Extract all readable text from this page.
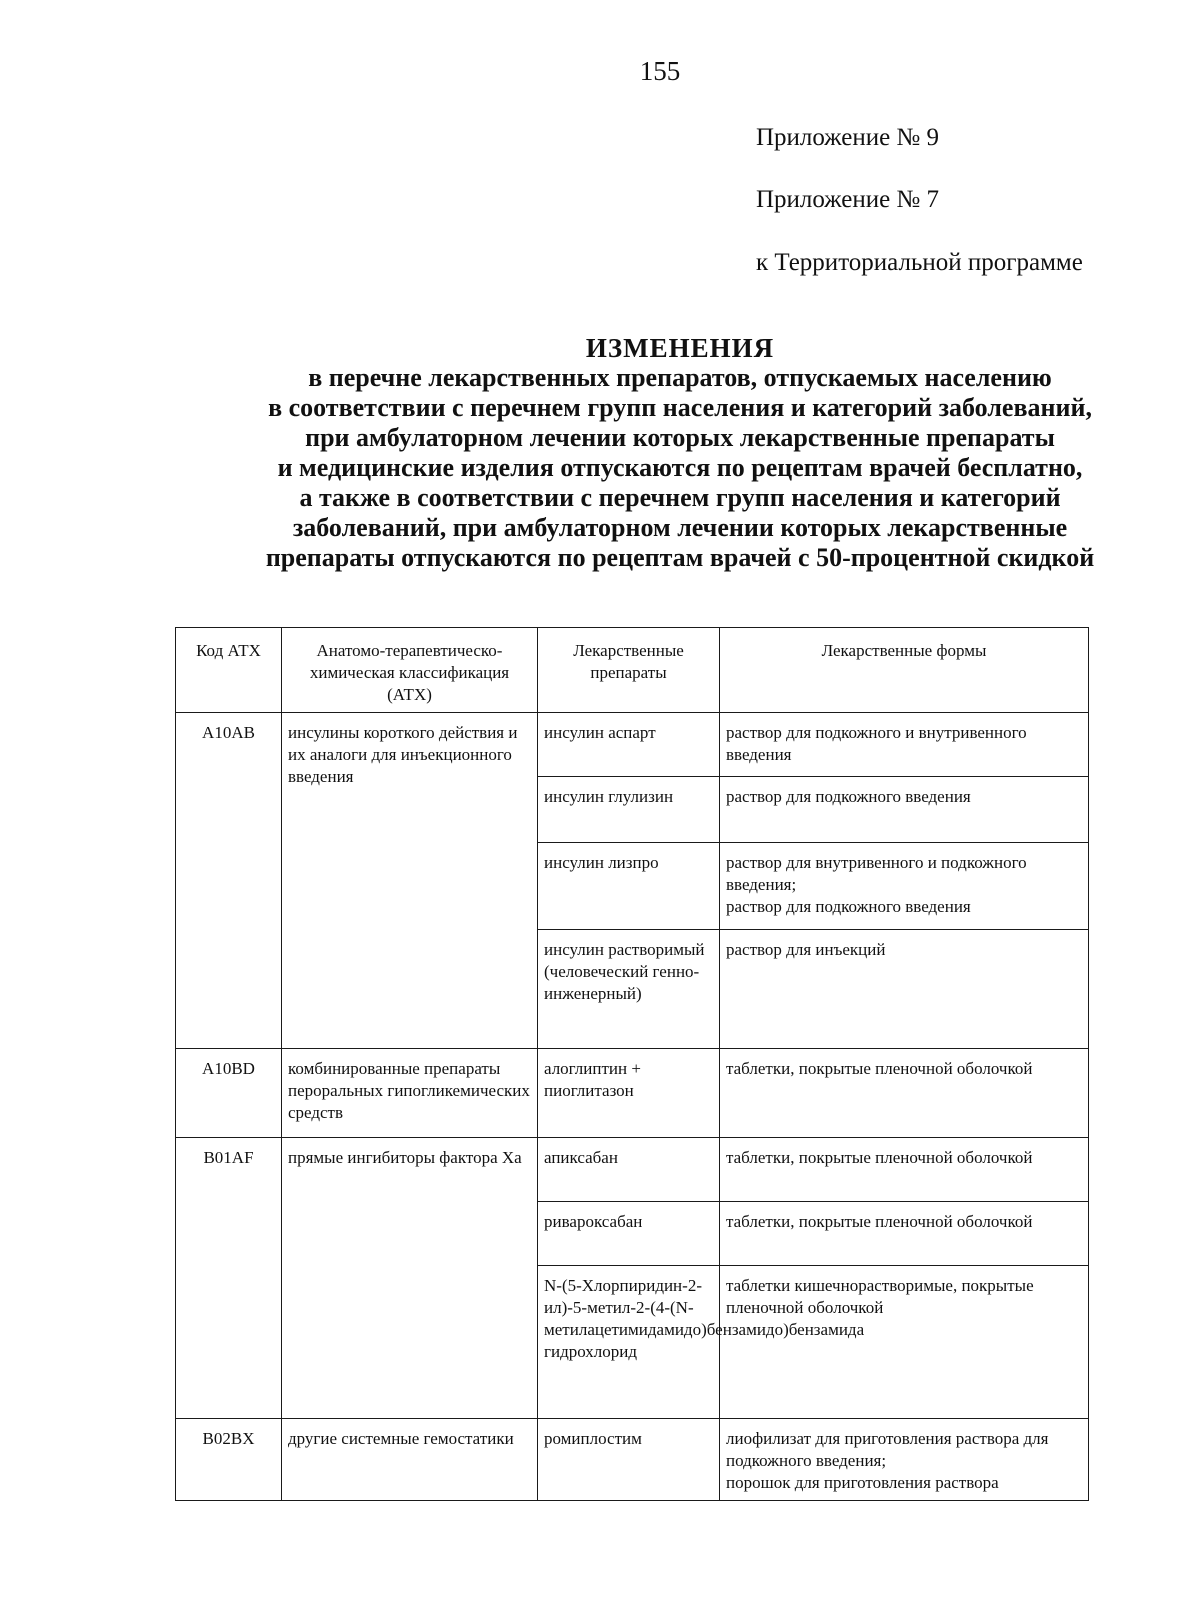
155
Приложение № 9
Приложение № 7
к Территориальной программе
ИЗМЕНЕНИЯ
в перечне лекарственных препаратов, отпускаемых населению
в соответствии с перечнем групп населения и категорий заболеваний,
при амбулаторном лечении которых лекарственные препараты
и медицинские изделия отпускаются по рецептам врачей бесплатно,
а также в соответствии с перечнем групп населения и категорий
заболеваний, при амбулаторном лечении которых лекарственные
препараты отпускаются по рецептам врачей с 50-процентной скидкой
Код АТХ	Анатомо-терапевтическо-химическая классификация (АТХ)	Лекарственные препараты	Лекарственные формы
A10AB	инсулины короткого действия и их аналоги для инъекционного введения	инсулин аспарт	раствор для подкожного и внутривенного введения
		инсулин глулизин	раствор для подкожного введения
		инсулин лизпро	раствор для внутривенного и подкожного введения;
раствор для подкожного введения

		инсулин растворимый (человеческий генно-инженерный)	раствор для инъекций
A10BD	комбинированные препараты пероральных гипогликемических средств	алоглиптин + пиоглитазон	таблетки, покрытые пленочной оболочкой
B01AF	прямые ингибиторы фактора Xa	апиксабан	таблетки, покрытые пленочной оболочкой
		ривароксабан	таблетки, покрытые пленочной оболочкой
		N-(5-Хлорпиридин-2-ил)-5-метил-2-(4-(N-метилацетимидамидо)бензамидо)бензамида гидрохлорид	таблетки кишечнорастворимые, покрытые пленочной оболочкой
B02BX	другие системные гемостатики	ромиплостим	лиофилизат для приготовления раствора для подкожного введения;
порошок для приготовления раствора
